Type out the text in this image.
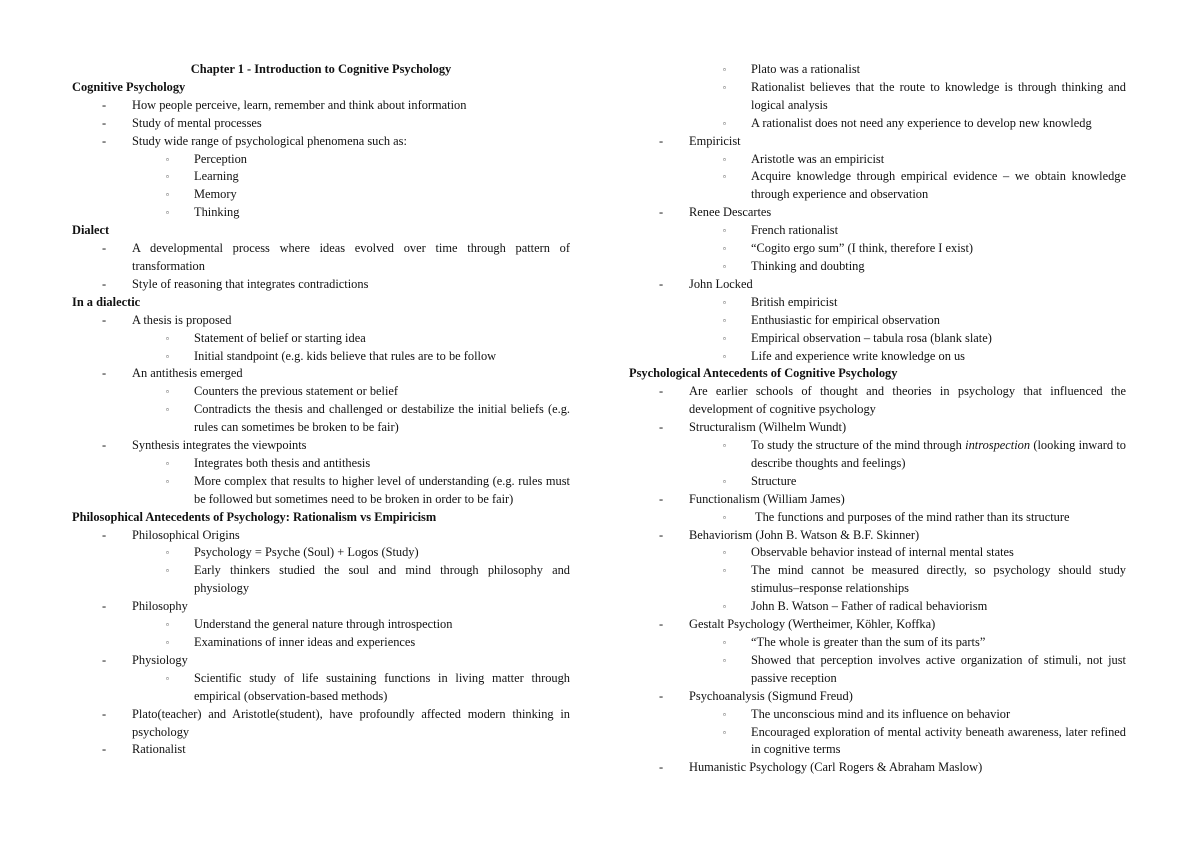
Chapter 1 - Introduction to Cognitive Psychology
Cognitive Psychology
- How people perceive, learn, remember and think about information
- Study of mental processes
- Study wide range of psychological phenomena such as:
▫ Perception
▫ Learning
▫ Memory
▫ Thinking
Dialect
- A developmental process where ideas evolved over time through pattern of transformation
- Style of reasoning that integrates contradictions
In a dialectic
- A thesis is proposed
▫ Statement of belief or starting idea
▫ Initial standpoint (e.g. kids believe that rules are to be follow
- An antithesis emerged
▫ Counters the previous statement or belief
▫ Contradicts the thesis and challenged or destabilize the initial beliefs (e.g. rules can sometimes be broken to be fair)
- Synthesis integrates the viewpoints
▫ Integrates both thesis and antithesis
▫ More complex that results to higher level of understanding (e.g. rules must be followed but sometimes need to be broken in order to be fair)
Philosophical Antecedents of Psychology: Rationalism vs Empiricism
- Philosophical Origins
▫ Psychology = Psyche (Soul) + Logos (Study)
▫ Early thinkers studied the soul and mind through philosophy and physiology
- Philosophy
▫ Understand the general nature through introspection
▫ Examinations of inner ideas and experiences
- Physiology
▫ Scientific study of life sustaining functions in living matter through empirical (observation-based methods)
- Plato(teacher) and Aristotle(student), have profoundly affected modern thinking in psychology
- Rationalist
▫ Plato was a rationalist
▫ Rationalist believes that the route to knowledge is through thinking and logical analysis
▫ A rationalist does not need any experience to develop new knowledg
- Empiricist
▫ Aristotle was an empiricist
▫ Acquire knowledge through empirical evidence – we obtain knowledge through experience and observation
- Renee Descartes
▫ French rationalist
▫ “Cogito ergo sum” (I think, therefore I exist)
▫ Thinking and doubting
- John Locked
▫ British empiricist
▫ Enthusiastic for empirical observation
▫ Empirical observation – tabula rosa (blank slate)
▫ Life and experience write knowledge on us
Psychological Antecedents of Cognitive Psychology
- Are earlier schools of thought and theories in psychology that influenced the development of cognitive psychology
- Structuralism (Wilhelm Wundt)
▫ To study the structure of the mind through introspection (looking inward to describe thoughts and feelings)
▫ Structure
- Functionalism (William James)
▫ The functions and purposes of the mind rather than its structure
- Behaviorism (John B. Watson & B.F. Skinner)
▫ Observable behavior instead of internal mental states
▫ The mind cannot be measured directly, so psychology should study stimulus–response relationships
▫ John B. Watson – Father of radical behaviorism
- Gestalt Psychology (Wertheimer, Köhler, Koffka)
▫ “The whole is greater than the sum of its parts”
▫ Showed that perception involves active organization of stimuli, not just passive reception
- Psychoanalysis (Sigmund Freud)
▫ The unconscious mind and its influence on behavior
▫ Encouraged exploration of mental activity beneath awareness, later refined in cognitive terms
- Humanistic Psychology (Carl Rogers & Abraham Maslow)
